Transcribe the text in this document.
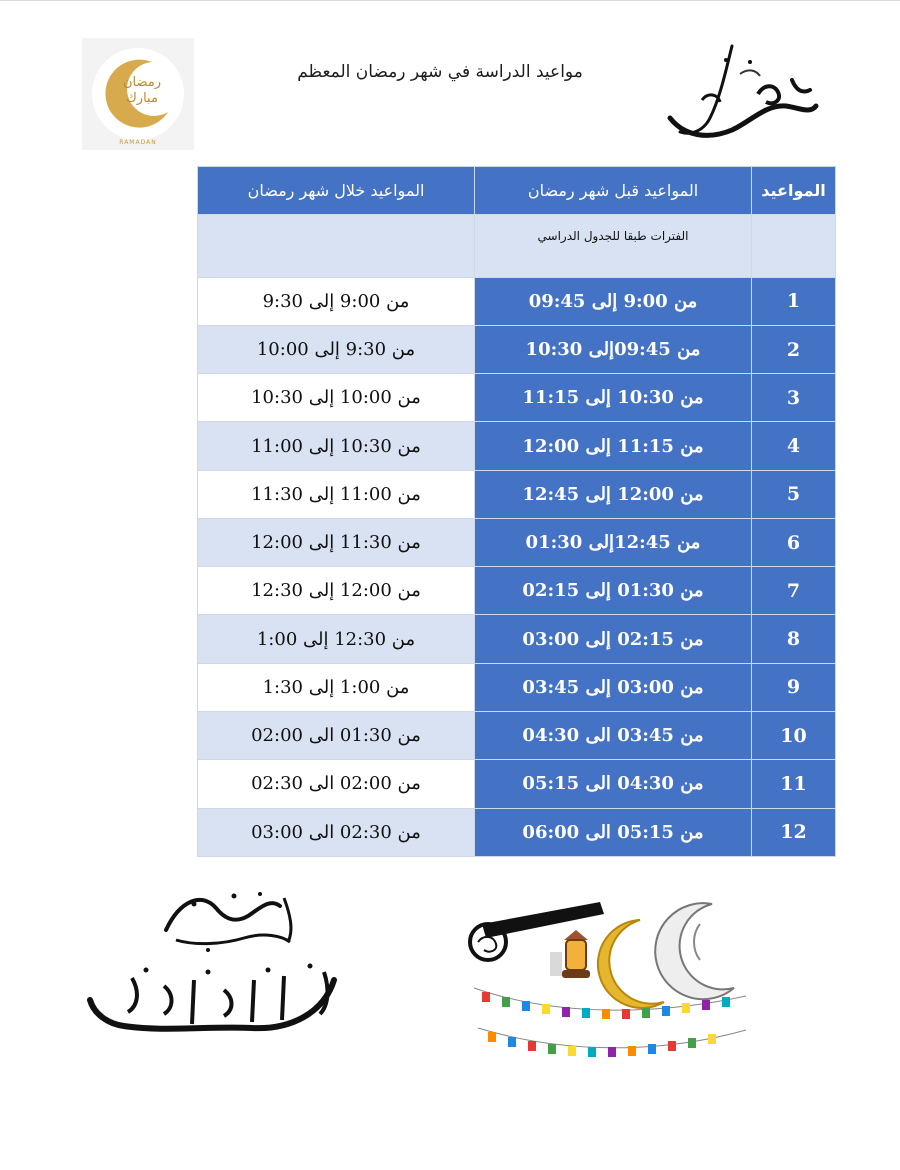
رمضان
مبارك
RAMADAN
مواعيد الدراسة في شهر رمضان المعظم
المواعيد خلال شهر رمضان	المواعيد قبل شهر رمضان	المواعيد
	الفترات طبقا للجدول الدراسي	
من 9:00 إلى 9:30	من 9:00 إلى 09:45	1
من 9:30 إلى 10:00	من 09:45إلى 10:30	2
من 10:00 إلى 10:30	من 10:30 إلى 11:15	3
من 10:30 إلى 11:00	من 11:15 إلى 12:00	4
من 11:00 إلى 11:30	من 12:00 إلى 12:45	5
من 11:30 إلى 12:00	من 12:45إلى 01:30	6
من 12:00 إلى 12:30	من 01:30 إلى 02:15	7
من 12:30 إلى 1:00	من 02:15 إلى 03:00	8
من 1:00 إلى 1:30	من 03:00 إلى 03:45	9
من 01:30 الى 02:00	من 03:45 الى 04:30	10
من 02:00 الى 02:30	من 04:30 الى 05:15	11
من 02:30 الى 03:00	من 05:15 الى 06:00	12
